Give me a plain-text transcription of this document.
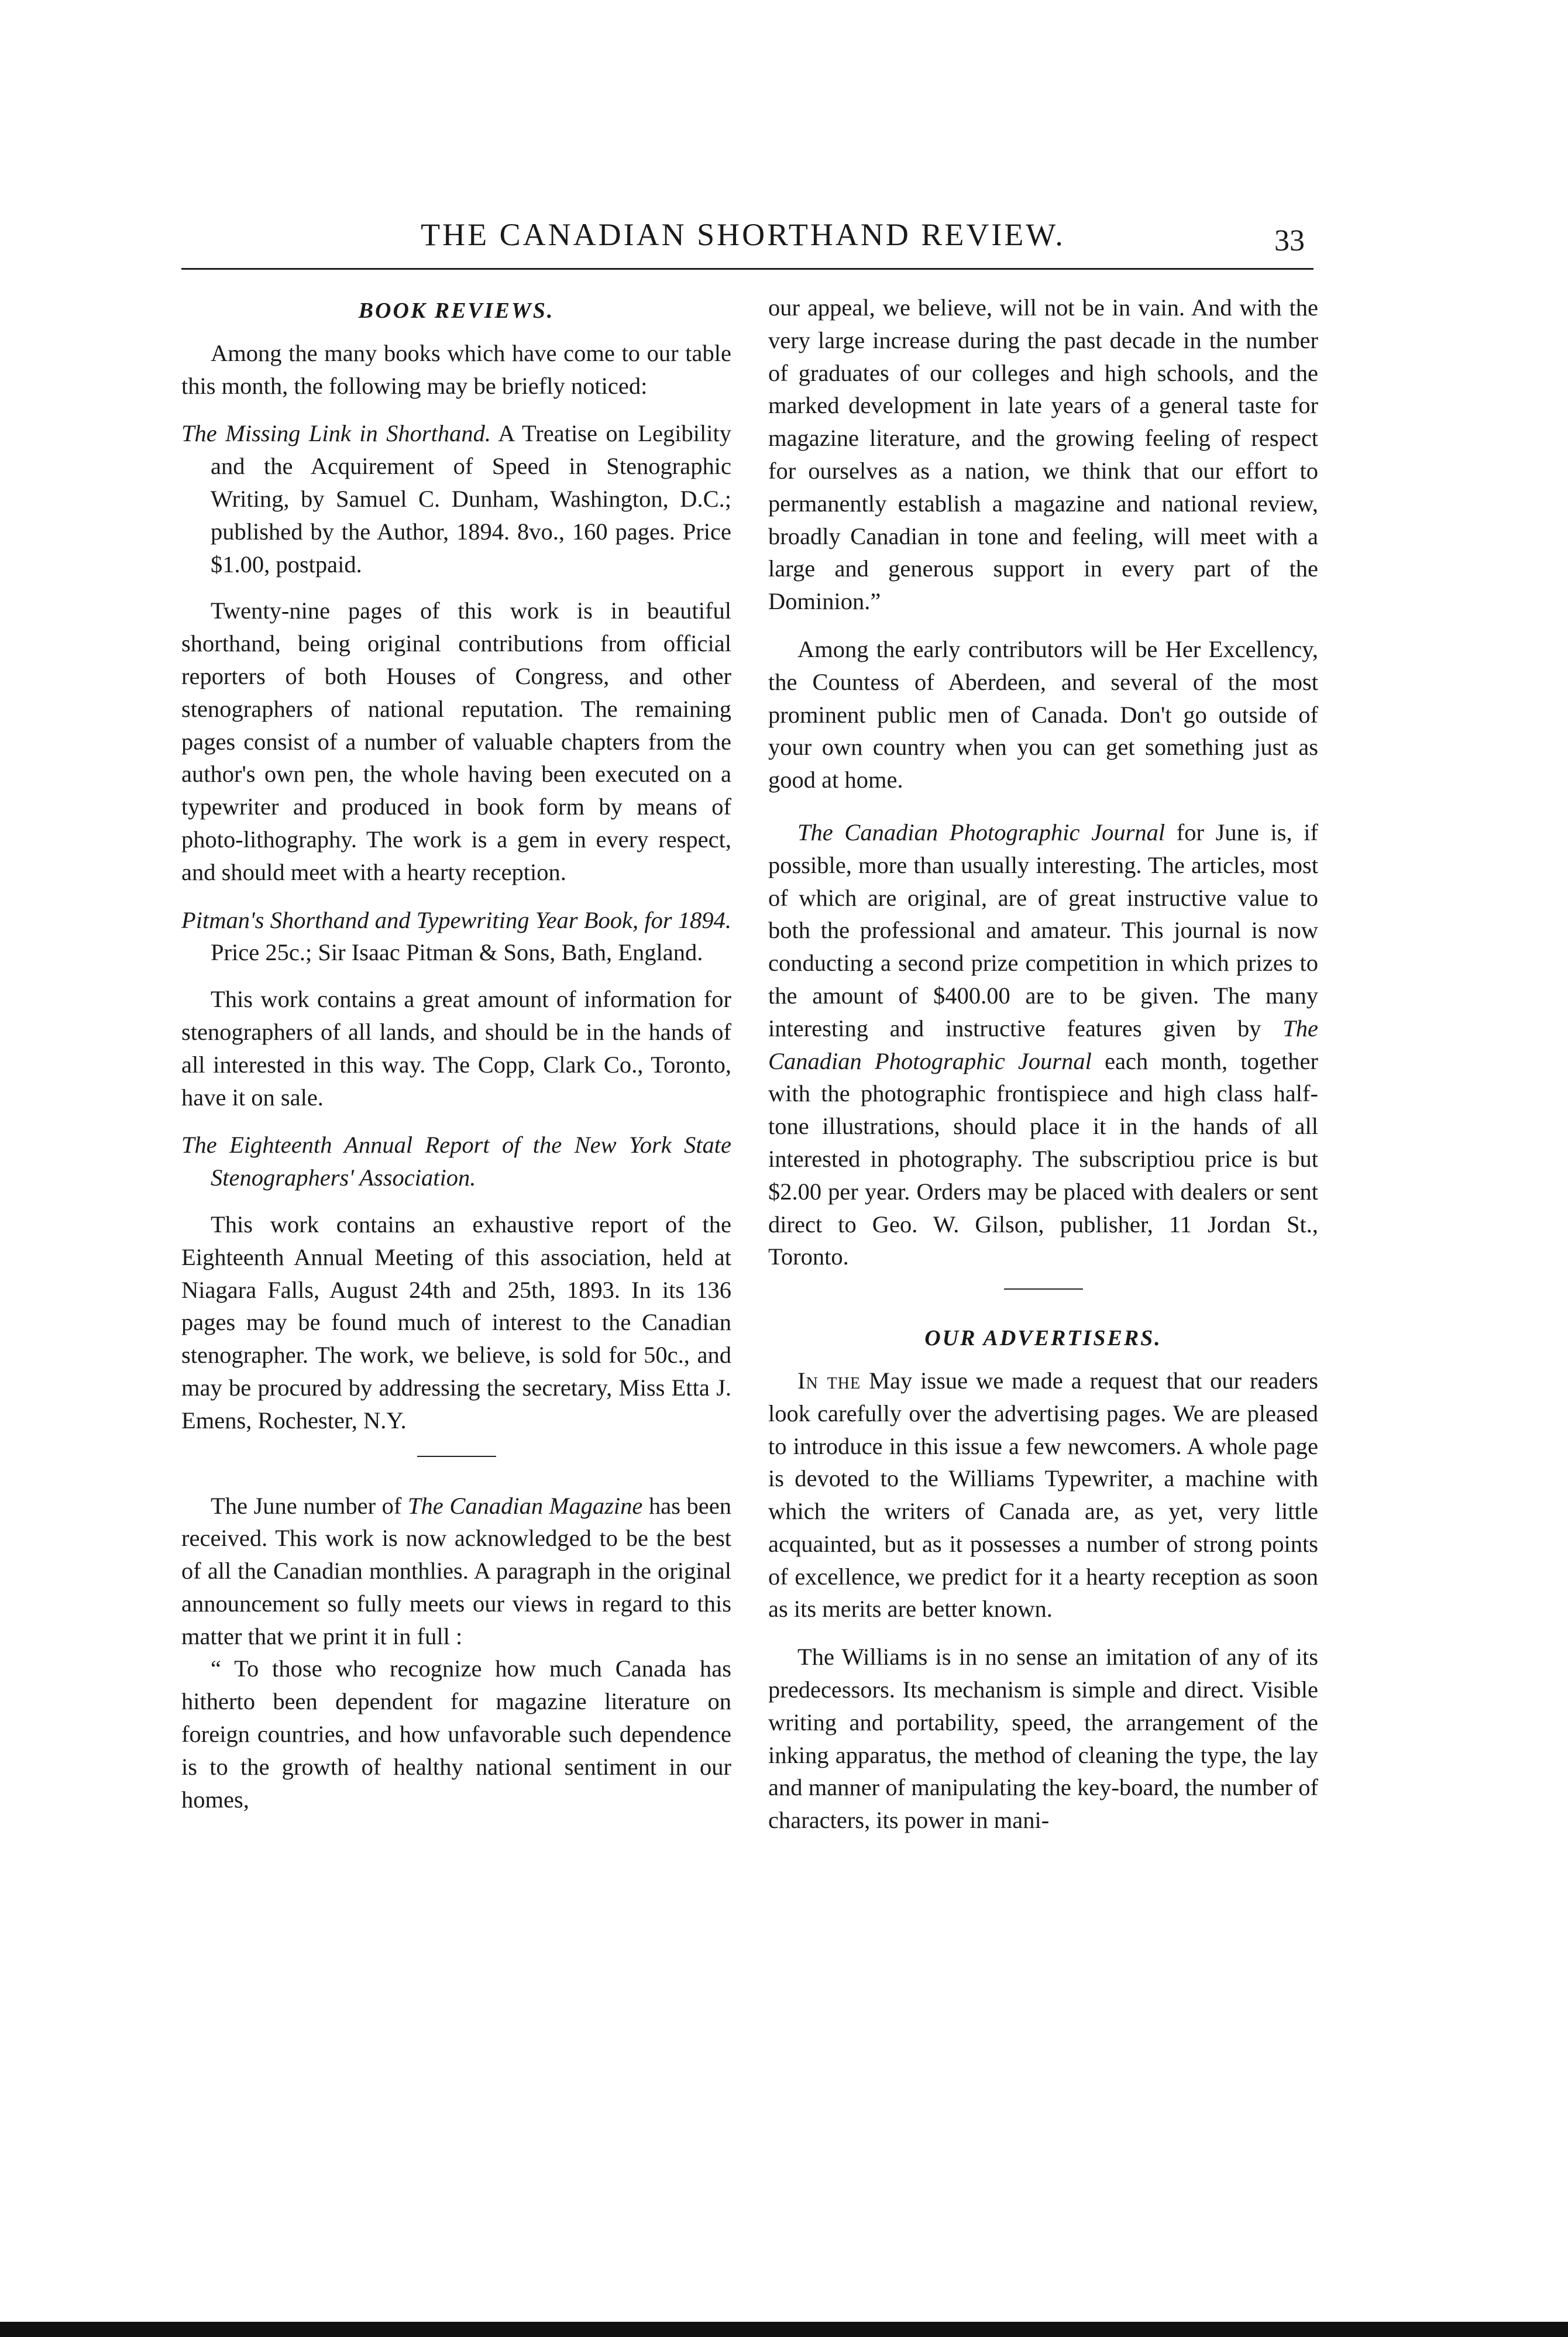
THE CANADIAN SHORTHAND REVIEW.	33

BOOK REVIEWS.

Among the many books which have come to our table this month, the following may be briefly noticed:

The Missing Link in Shorthand. A Treatise on Legibility and the Acquirement of Speed in Stenographic Writing, by Samuel C. Dunham, Washington, D.C.; published by the Author, 1894. 8vo., 160 pages. Price $1.00, postpaid.

Twenty-nine pages of this work is in beautiful shorthand, being original contributions from official reporters of both Houses of Congress, and other stenographers of national reputation. The remaining pages consist of a number of valuable chapters from the author's own pen, the whole having been executed on a typewriter and produced in book form by means of photo-lithography. The work is a gem in every respect, and should meet with a hearty reception.

Pitman's Shorthand and Typewriting Year Book, for 1894. Price 25c.; Sir Isaac Pitman & Sons, Bath, England.

This work contains a great amount of information for stenographers of all lands, and should be in the hands of all interested in this way. The Copp, Clark Co., Toronto, have it on sale.

The Eighteenth Annual Report of the New York State Stenographers' Association.

This work contains an exhaustive report of the Eighteenth Annual Meeting of this association, held at Niagara Falls, August 24th and 25th, 1893. In its 136 pages may be found much of interest to the Canadian stenographer. The work, we believe, is sold for 50c., and may be procured by addressing the secretary, Miss Etta J. Emens, Rochester, N.Y.

The June number of The Canadian Magazine has been received. This work is now acknowledged to be the best of all the Canadian monthlies. A paragraph in the original announcement so fully meets our views in regard to this matter that we print it in full :

“ To those who recognize how much Canada has hitherto been dependent for magazine literature on foreign countries, and how unfavorable such dependence is to the growth of healthy national sentiment in our homes,

our appeal, we believe, will not be in vain. And with the very large increase during the past decade in the number of graduates of our colleges and high schools, and the marked development in late years of a general taste for magazine literature, and the growing feeling of respect for ourselves as a nation, we think that our effort to permanently establish a magazine and national review, broadly Canadian in tone and feeling, will meet with a large and generous support in every part of the Dominion.”

Among the early contributors will be Her Excellency, the Countess of Aberdeen, and several of the most prominent public men of Canada. Don't go outside of your own country when you can get something just as good at home.

The Canadian Photographic Journal for June is, if possible, more than usually interesting. The articles, most of which are original, are of great instructive value to both the professional and amateur. This journal is now conducting a second prize competition in which prizes to the amount of $400.00 are to be given. The many interesting and instructive features given by The Canadian Photographic Journal each month, together with the photographic frontispiece and high class half-tone illustrations, should place it in the hands of all interested in photography. The subscriptiou price is but $2.00 per year. Orders may be placed with dealers or sent direct to Geo. W. Gilson, publisher, 11 Jordan St., Toronto.

OUR ADVERTISERS.

In the May issue we made a request that our readers look carefully over the advertising pages. We are pleased to introduce in this issue a few newcomers. A whole page is devoted to the Williams Typewriter, a machine with which the writers of Canada are, as yet, very little acquainted, but as it possesses a number of strong points of excellence, we predict for it a hearty reception as soon as its merits are better known.

The Williams is in no sense an imitation of any of its predecessors. Its mechanism is simple and direct. Visible writing and portability, speed, the arrangement of the inking apparatus, the method of cleaning the type, the lay and manner of manipulating the key-board, the number of characters, its power in mani-
